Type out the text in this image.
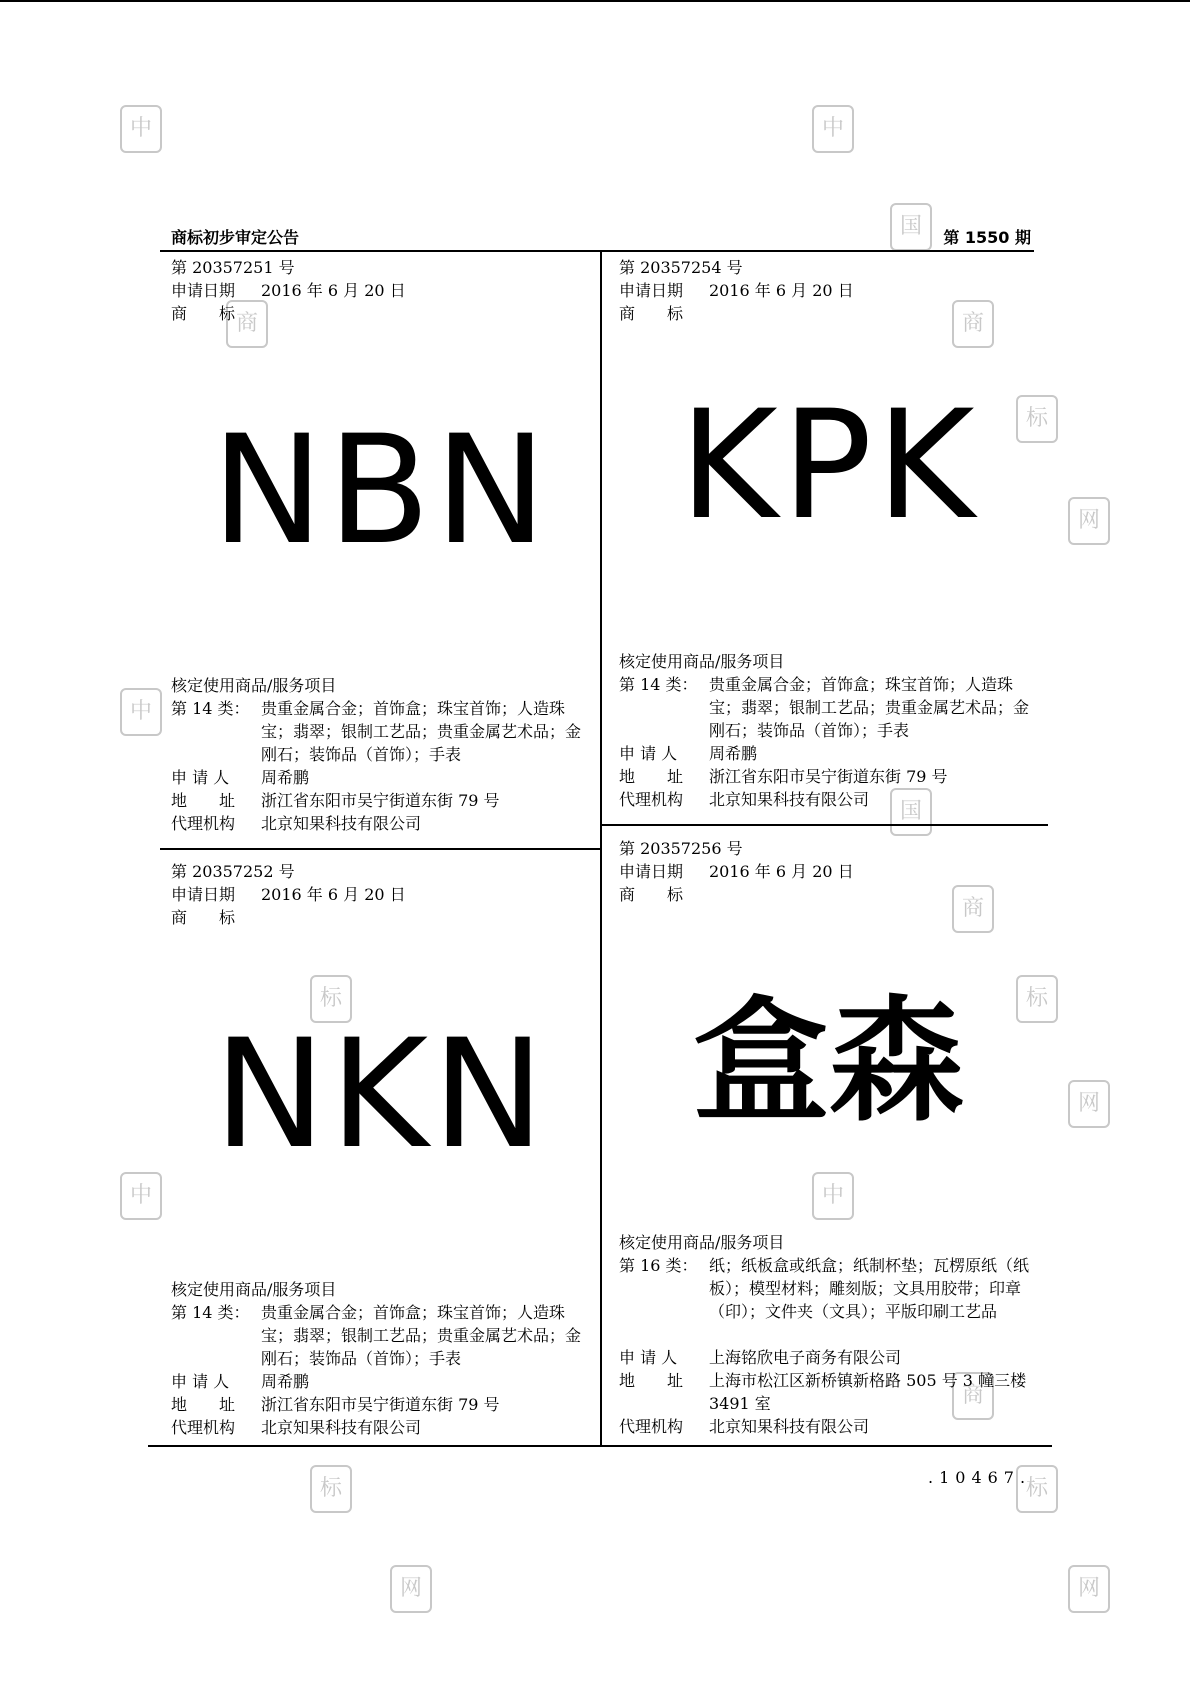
中	中
国
商	商
标
网
中
国
商
标	标
网
中	中
商
标	标
网	网
商标初步审定公告	第 1550 期
第 20357251 号
申请日期 2016 年 6 月 20 日
商　　标
NBN
核定使用商品/服务项目
第 14 类： 贵重金属合金；首饰盒；珠宝首饰；人造珠宝；翡翠；银制工艺品；贵重金属艺术品；金刚石；装饰品（首饰）；手表
申 请 人 周希鹏
地　　址 浙江省东阳市吴宁街道东街 79 号
代理机构 北京知果科技有限公司
第 20357254 号
申请日期 2016 年 6 月 20 日
商　　标
KPK
核定使用商品/服务项目
第 14 类： 贵重金属合金；首饰盒；珠宝首饰；人造珠宝；翡翠；银制工艺品；贵重金属艺术品；金刚石；装饰品（首饰）；手表
申 请 人 周希鹏
地　　址 浙江省东阳市吴宁街道东街 79 号
代理机构 北京知果科技有限公司
第 20357252 号
申请日期 2016 年 6 月 20 日
商　　标
NKN
核定使用商品/服务项目
第 14 类： 贵重金属合金；首饰盒；珠宝首饰；人造珠宝；翡翠；银制工艺品；贵重金属艺术品；金刚石；装饰品（首饰）；手表
申 请 人 周希鹏
地　　址 浙江省东阳市吴宁街道东街 79 号
代理机构 北京知果科技有限公司
第 20357256 号
申请日期 2016 年 6 月 20 日
商　　标
盒森
核定使用商品/服务项目
第 16 类： 纸；纸板盒或纸盒；纸制杯垫；瓦楞原纸（纸板）；模型材料；雕刻版；文具用胶带；印章（印）；文件夹（文具）；平版印刷工艺品
申 请 人 上海铭欣电子商务有限公司
地　　址 上海市松江区新桥镇新格路 505 号 3 幢三楼 3491 室
代理机构 北京知果科技有限公司
.10467.
